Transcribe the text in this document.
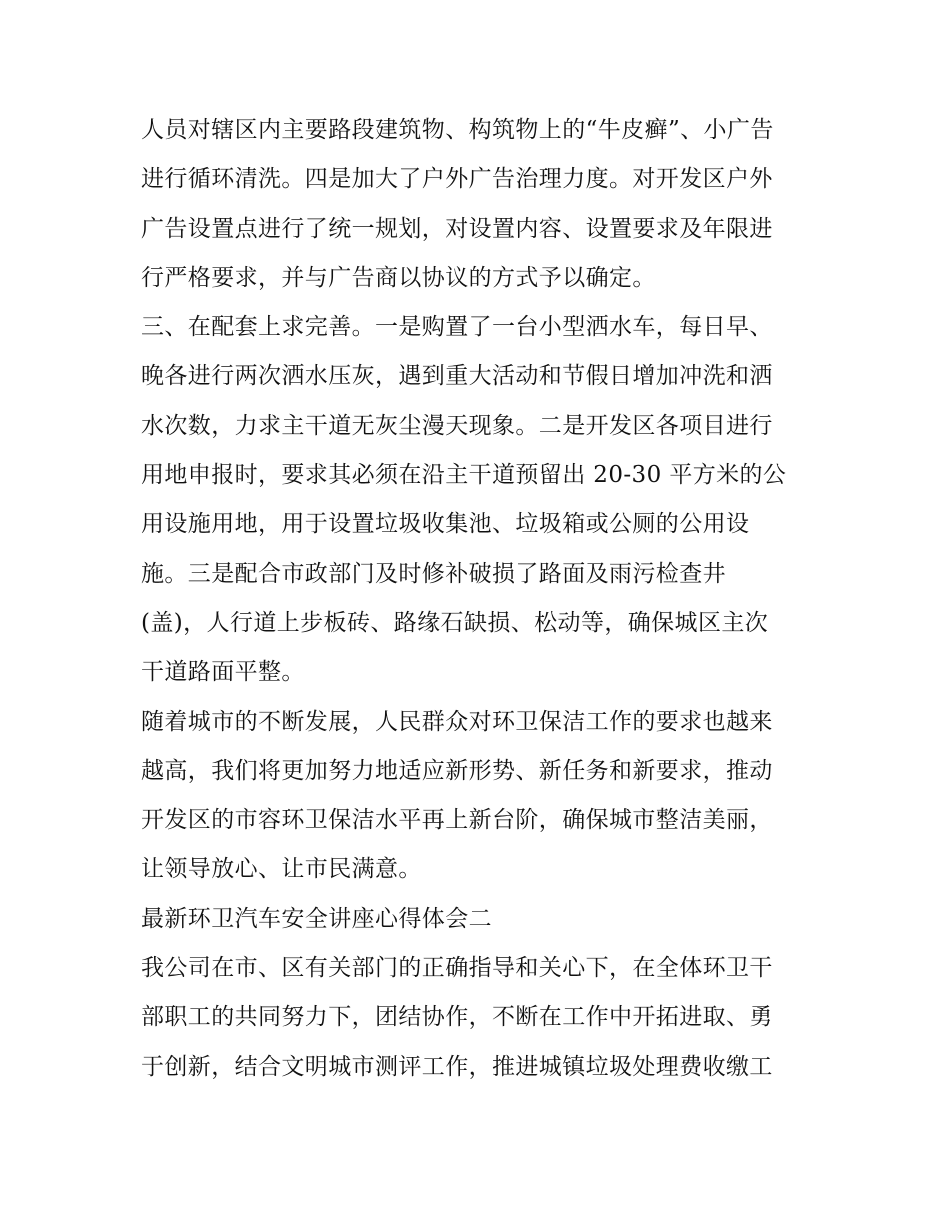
人员对辖区内主要路段建筑物、构筑物上的“牛皮癣”、小广告
进行循环清洗。四是加大了户外广告治理力度。对开发区户外
广告设置点进行了统一规划，对设置内容、设置要求及年限进
行严格要求，并与广告商以协议的方式予以确定。
三、在配套上求完善。一是购置了一台小型洒水车，每日早、
晚各进行两次洒水压灰，遇到重大活动和节假日增加冲洗和洒
水次数，力求主干道无灰尘漫天现象。二是开发区各项目进行
用地申报时，要求其必须在沿主干道预留出 20-30 平方米的公
用设施用地，用于设置垃圾收集池、垃圾箱或公厕的公用设
施。三是配合市政部门及时修补破损了路面及雨污检查井
(盖)，人行道上步板砖、路缘石缺损、松动等，确保城区主次
干道路面平整。
随着城市的不断发展，人民群众对环卫保洁工作的要求也越来
越高，我们将更加努力地适应新形势、新任务和新要求，推动
开发区的市容环卫保洁水平再上新台阶，确保城市整洁美丽，
让领导放心、让市民满意。
最新环卫汽车安全讲座心得体会二
我公司在市、区有关部门的正确指导和关心下，在全体环卫干
部职工的共同努力下，团结协作，不断在工作中开拓进取、勇
于创新，结合文明城市测评工作，推进城镇垃圾处理费收缴工
